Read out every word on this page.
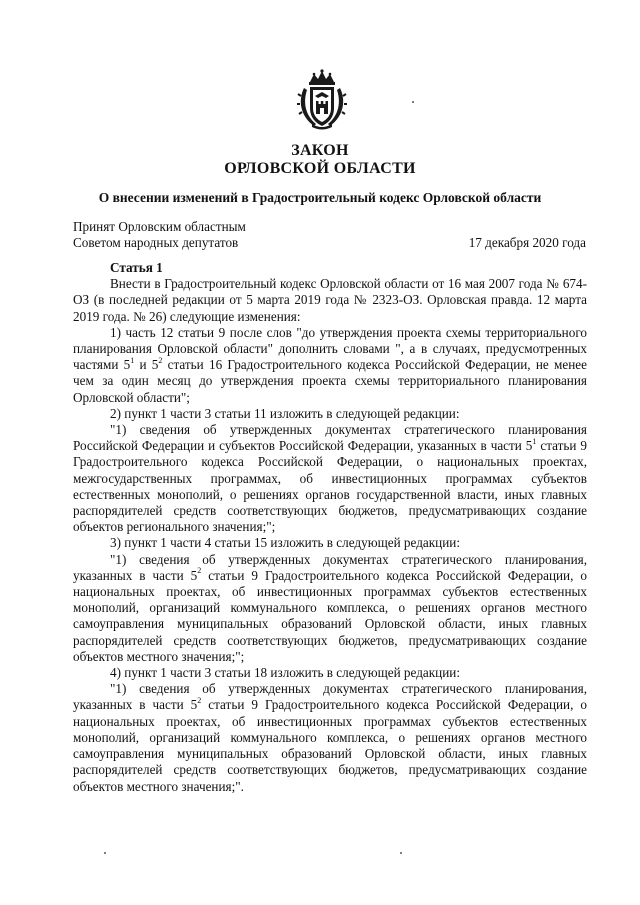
ЗАКОН
ОРЛОВСКОЙ ОБЛАСТИ
О внесении изменений в Градостроительный кодекс Орловской области
Принят Орловским областным
Советом народных депутатов	17 декабря 2020 года

Статья 1

Внести в Градостроительный кодекс Орловской области от 16 мая 2007 года № 674-ОЗ (в последней редакции от 5 марта 2019 года № 2323-ОЗ. Орловская правда. 12 марта 2019 года. № 26) следующие изменения:

1) часть 12 статьи 9 после слов "до утверждения проекта схемы территориального планирования Орловской области" дополнить словами ", а в случаях, предусмотренных частями $5^1$ и $5^2$ статьи 16 Градостроительного кодекса Российской Федерации, не менее чем за один месяц до утверждения проекта схемы территориального планирования Орловской области";

2) пункт 1 части 3 статьи 11 изложить в следующей редакции:

"1) сведения об утвержденных документах стратегического планирования Российской Федерации и субъектов Российской Федерации, указанных в части $5^1$ статьи 9 Градостроительного кодекса Российской Федерации, о национальных проектах, межгосударственных программах, об инвестиционных программах субъектов естественных монополий, о решениях органов государственной власти, иных главных распорядителей средств соответствующих бюджетов, предусматривающих создание объектов регионального значения;";

3) пункт 1 части 4 статьи 15 изложить в следующей редакции:

"1) сведения об утвержденных документах стратегического планирования, указанных в части $5^2$ статьи 9 Градостроительного кодекса Российской Федерации, о национальных проектах, об инвестиционных программах субъектов естественных монополий, организаций коммунального комплекса, о решениях органов местного самоуправления муниципальных образований Орловской области, иных главных распорядителей средств соответствующих бюджетов, предусматривающих создание объектов местного значения;";

4) пункт 1 части 3 статьи 18 изложить в следующей редакции:

"1) сведения об утвержденных документах стратегического планирования, указанных в части $5^2$ статьи 9 Градостроительного кодекса Российской Федерации, о национальных проектах, об инвестиционных программах субъектов естественных монополий, организаций коммунального комплекса, о решениях органов местного самоуправления муниципальных образований Орловской области, иных главных распорядителей средств соответствующих бюджетов, предусматривающих создание объектов местного значения;".
